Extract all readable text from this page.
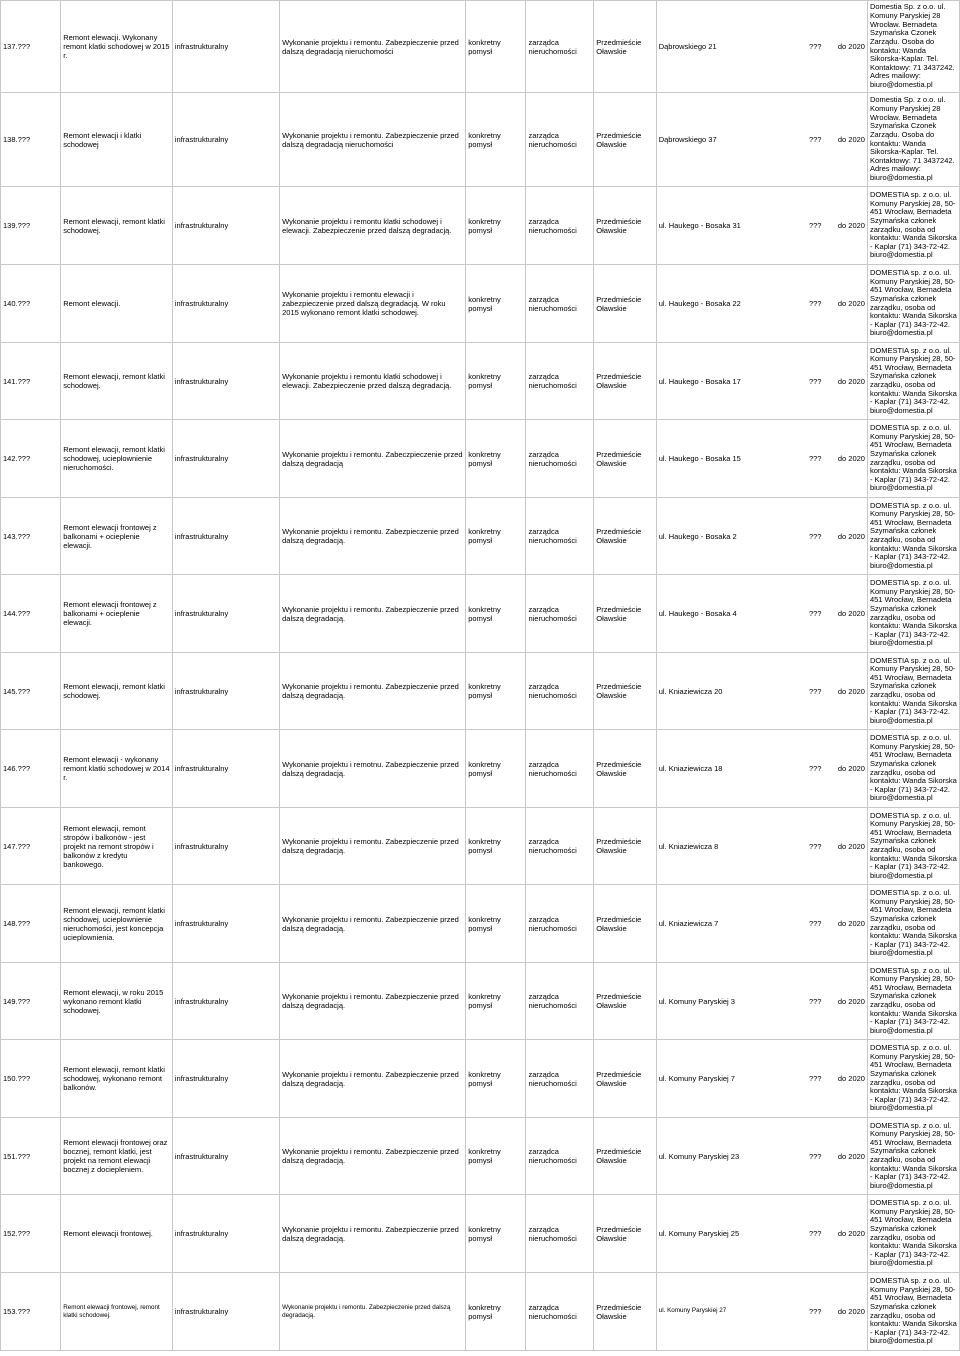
137.???	Remont elewacji. Wykonany remont klatki schodowej w 2015 r.	infrastrukturalny	Wykonanie projektu i remontu. Zabezpieczenie przed dalszą degradacją nieruchomości	konkretny pomysł	zarządca nieruchomości	Przedmieście Oławskie	Dąbrowskiego 21 ??? do 2020	Domestia Sp. z o.o. ul. Komuny Paryskiej 28 Wrocław. Bernadeta Szymańska Czonek Zarządu. Osoba do kontaktu: Wanda Sikorska-Kaplar. Tel. Kontaktowy: 71 3437242. Adres mailowy: biuro@domestia.pl
138.???	Remont elewacji i klatki schodowej	infrastrukturalny	Wykonanie projektu i remontu. Zabezpieczenie przed dalszą degradacją nieruchomości	konkretny pomysł	zarządca nieruchomości	Przedmieście Oławskie	Dąbrowskiego 37 ??? do 2020	Domestia Sp. z o.o. ul. Komuny Paryskiej 28 Wrocław. Bernadeta Szymańska Czonek Zarządu. Osoba do kontaktu: Wanda Sikorska-Kaplar. Tel. Kontaktowy: 71 3437242. Adres mailowy: biuro@domestia.pl
139.???	Remont elewacji, remont klatki schodowej.	infrastrukturalny	Wykonanie projektu i remontu klatki schodowej i elewacji. Zabezpieczenie przed dalszą degradacją.	konkretny pomysł	zarządca nieruchomości	Przedmieście Oławskie	ul. Haukego - Bosaka 31 ??? do 2020	DOMESTIA sp. z o.o. ul. Komuny Paryskiej 28, 50-451 Wrocław, Bernadeta Szymańska członek zarządku, osoba od kontaktu: Wanda Sikorska - Kaplar (71) 343-72-42. biuro@domestia.pl
140.???	Remont elewacji.	infrastrukturalny	Wykonanie projektu i remontu elewacji i zabezpieczenie przed dalszą degradacją. W roku 2015 wykonano remont klatki schodowej.	konkretny pomysł	zarządca nieruchomości	Przedmieście Oławskie	ul. Haukego - Bosaka 22 ??? do 2020	DOMESTIA sp. z o.o. ul. Komuny Paryskiej 28, 50-451 Wrocław, Bernadeta Szymańska członek zarządku, osoba od kontaktu: Wanda Sikorska - Kaplar (71) 343-72-42. biuro@domestia.pl
141.???	Remont elewacji, remont klatki schodowej.	infrastrukturalny	Wykonanie projektu i remontu klatki schodowej i elewacji. Zabezpieczenie przed dalszą degradacją.	konkretny pomysł	zarządca nieruchomości	Przedmieście Oławskie	ul. Haukego - Bosaka 17 ??? do 2020	DOMESTIA sp. z o.o. ul. Komuny Paryskiej 28, 50-451 Wrocław, Bernadeta Szymańska członek zarządku, osoba od kontaktu: Wanda Sikorska - Kaplar (71) 343-72-42. biuro@domestia.pl
142.???	Remont elewacji, remont klatki schodowej, ucieplownienie nieruchomości.	infrastrukturalny	Wykonanie projektu i remontu. Zabeczpieczenie przed dalszą degradacją	konkretny pomysł	zarządca nieruchomości	Przedmieście Oławskie	ul. Haukego - Bosaka 15 ??? do 2020	DOMESTIA sp. z o.o. ul. Komuny Paryskiej 28, 50-451 Wrocław, Bernadeta Szymańska członek zarządku, osoba od kontaktu: Wanda Sikorska - Kaplar (71) 343-72-42. biuro@domestia.pl
143.???	Remont elewacji frontowej z balkonami + ocieplenie elewacji.	infrastrukturalny	Wykonanie projektu i remontu. Zabezpieczenie przed dalszą degradacją.	konkretny pomysł	zarządca nieruchomości	Przedmieście Oławskie	ul. Haukego - Bosaka 2 ??? do 2020	DOMESTIA sp. z o.o. ul. Komuny Paryskiej 28, 50-451 Wrocław, Bernadeta Szymańska członek zarządku, osoba od kontaktu: Wanda Sikorska - Kaplar (71) 343-72-42. biuro@domestia.pl
144.???	Remont elewacji frontowej z balkonami + ocieplenie elewacji.	infrastrukturalny	Wykonanie projektu i remontu. Zabezpieczenie przed dalszą degradacją.	konkretny pomysł	zarządca nieruchomości	Przedmieście Oławskie	ul. Haukego - Bosaka 4 ??? do 2020	DOMESTIA sp. z o.o. ul. Komuny Paryskiej 28, 50-451 Wrocław, Bernadeta Szymańska członek zarządku, osoba od kontaktu: Wanda Sikorska - Kaplar (71) 343-72-42. biuro@domestia.pl
145.???	Remont elewacji, remont klatki schodowej.	infrastrukturalny	Wykonanie projektu i remontu. Zabezpieczenie przed dalszą degradacją.	konkretny pomysł	zarządca nieruchomości	Przedmieście Oławskie	ul. Kniaziewicza 20 ??? do 2020	DOMESTIA sp. z o.o. ul. Komuny Paryskiej 28, 50-451 Wrocław, Bernadeta Szymańska członek zarządku, osoba od kontaktu: Wanda Sikorska - Kaplar (71) 343-72-42. biuro@domestia.pl
146.???	Remont elewacji - wykonany remont klatki schodowej w 2014 r.	infrastrukturalny	Wykonanie projektu i remotnu. Zabezpieczenie przed dalszą degradacją.	konkretny pomysł	zarządca nieruchomości	Przedmieście Oławskie	ul. Kniaziewicza 18 ??? do 2020	DOMESTIA sp. z o.o. ul. Komuny Paryskiej 28, 50-451 Wrocław, Bernadeta Szymańska członek zarządku, osoba od kontaktu: Wanda Sikorska - Kaplar (71) 343-72-42. biuro@domestia.pl
147.???	Remont elewacji, remont stropów i balkonów - jest projekt na remont stropów i balkonów z kredytu bankowego.	infrastrukturalny	Wykonanie projektu i remontu. Zabezpieczenie przed dalszą degradacją.	konkretny pomysł	zarządca nieruchomości	Przedmieście Oławskie	ul. Kniaziewicza 8 ??? do 2020	DOMESTIA sp. z o.o. ul. Komuny Paryskiej 28, 50-451 Wrocław, Bernadeta Szymańska członek zarządku, osoba od kontaktu: Wanda Sikorska - Kaplar (71) 343-72-42. biuro@domestia.pl
148.???	Remont elewacji, remont klatki schodowej, ucieplownienie nieruchomości, jest koncepcja ucieplownienia.	infrastrukturalny	Wykonanie projektu i remontu. Zabezpieczenie przed dalszą degradacją.	konkretny pomysł	zarządca nieruchomości	Przedmieście Oławskie	ul. Kniaziewicza 7 ??? do 2020	DOMESTIA sp. z o.o. ul. Komuny Paryskiej 28, 50-451 Wrocław, Bernadeta Szymańska członek zarządku, osoba od kontaktu: Wanda Sikorska - Kaplar (71) 343-72-42. biuro@domestia.pl
149.???	Remont elewacji, w roku 2015 wykonano remont klatki schodowej.	infrastrukturalny	Wykonanie projektu i remontu. Zabezpieczenie przed dalszą degradacją.	konkretny pomysł	zarządca nieruchomości	Przedmieście Oławskie	ul. Komuny Paryskiej 3 ??? do 2020	DOMESTIA sp. z o.o. ul. Komuny Paryskiej 28, 50-451 Wrocław, Bernadeta Szymańska członek zarządku, osoba od kontaktu: Wanda Sikorska - Kaplar (71) 343-72-42. biuro@domestia.pl
150.???	Remont elewacji, remont klatki schodowej, wykonano remont balkonów.	infrastrukturalny	Wykonanie projektu i remontu. Zabezpieczenie przed dalszą degradacją.	konkretny pomysł	zarządca nieruchomości	Przedmieście Oławskie	ul. Komuny Paryskiej 7 ??? do 2020	DOMESTIA sp. z o.o. ul. Komuny Paryskiej 28, 50-451 Wrocław, Bernadeta Szymańska członek zarządku, osoba od kontaktu: Wanda Sikorska - Kaplar (71) 343-72-42. biuro@domestia.pl
151.???	Remont elewacji frontowej oraz bocznej, remont klatki, jest projekt na remont elewacji bocznej z dociepleniem.	infrastrukturalny	Wykonanie projektu i remontu. Zabezpieczenie przed dalszą degradacją.	konkretny pomysł	zarządca nieruchomości	Przedmieście Oławskie	ul. Komuny Paryskiej 23 ??? do 2020	DOMESTIA sp. z o.o. ul. Komuny Paryskiej 28, 50-451 Wrocław, Bernadeta Szymańska członek zarządku, osoba od kontaktu: Wanda Sikorska - Kaplar (71) 343-72-42. biuro@domestia.pl
152.???	Remont elewacji frontowej.	infrastrukturalny	Wykonanie projektu i remontu. Zabezpieczenie przed dalszą degradacją.	konkretny pomysł	zarządca nieruchomości	Przedmieście Oławskie	ul. Komuny Paryskiej 25 ??? do 2020	DOMESTIA sp. z o.o. ul. Komuny Paryskiej 28, 50-451 Wrocław, Bernadeta Szymańska członek zarządku, osoba od kontaktu: Wanda Sikorska - Kaplar (71) 343-72-42. biuro@domestia.pl
153.???	Remont elewacji frontowej, remont klatki schodowej.	infrastrukturalny	Wykonanie projektu i remontu. Zabezpieczenie przed dalszą degradacją.	konkretny pomysł	zarządca nieruchomości	Przedmieście Oławskie	ul. Komuny Paryskiej 27 ??? do 2020	DOMESTIA sp. z o.o. ul. Komuny Paryskiej 28, 50-451 Wrocław, Bernadeta Szymańska członek zarządku, osoba od kontaktu: Wanda Sikorska - Kaplar (71) 343-72-42. biuro@domestia.pl
